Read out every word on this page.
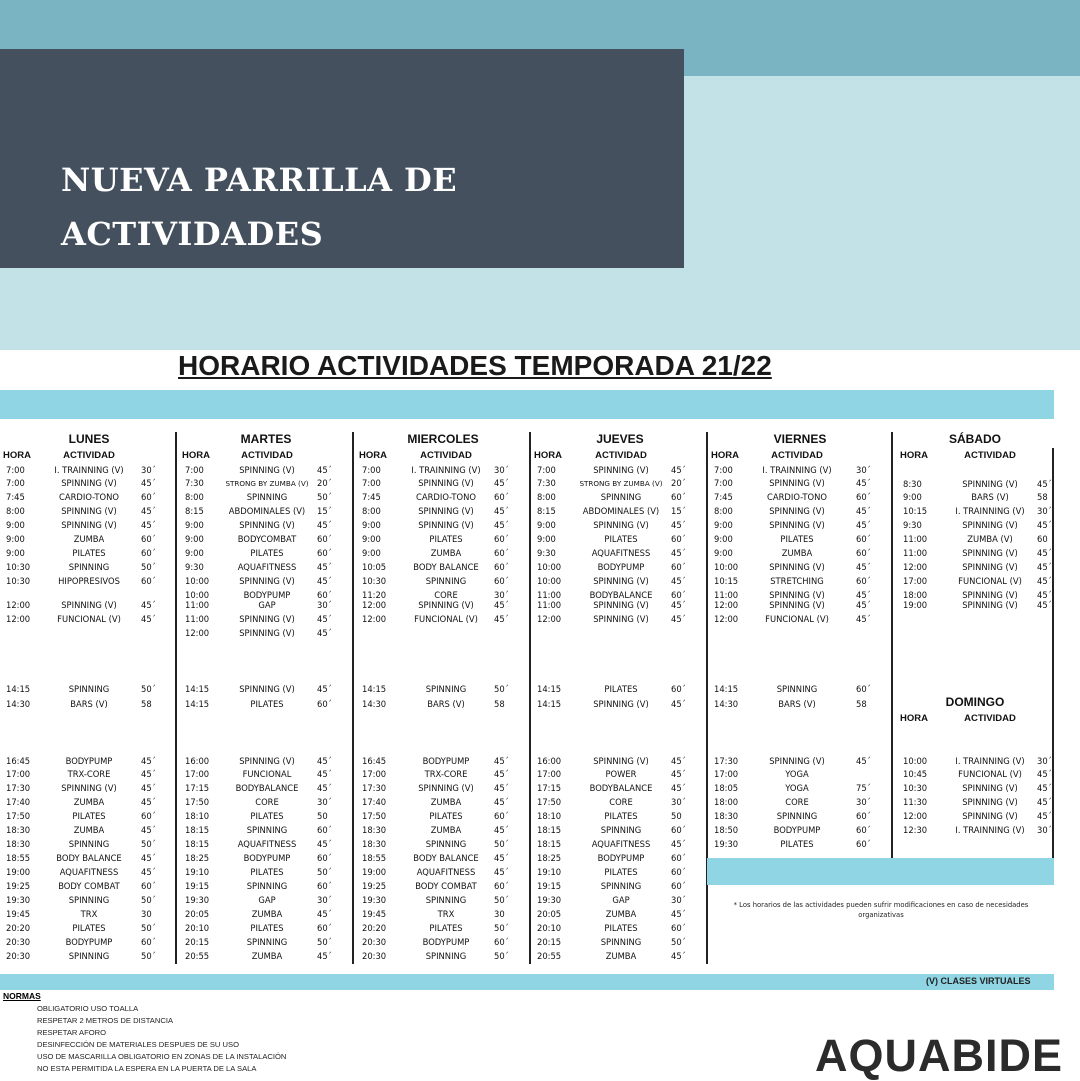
NUEVA PARRILLA DE
ACTIVIDADES
HORARIO ACTIVIDADES TEMPORADA 21/22
LUNES
HORA	ACTIVIDAD
7:00	I. TRAINNING (V)	30´
7:00	SPINNING (V)	45´
7:45	CARDIO-TONO	60´
8:00	SPINNING (V)	45´
9:00	SPINNING (V)	45´
9:00	ZUMBA	60´
9:00	PILATES	60´
10:30	SPINNING	50´
10:30	HIPOPRESIVOS	60´
12:00	SPINNING (V)	45´
12:00	FUNCIONAL (V)	45´
14:15	SPINNING	50´
14:30	BARS (V)	58
16:45	BODYPUMP	45´
17:00	TRX-CORE	45´
17:30	SPINNING (V)	45´
17:40	ZUMBA	45´
17:50	PILATES	60´
18:30	ZUMBA	45´
18:30	SPINNING	50´
18:55	BODY BALANCE	45´
19:00	AQUAFITNESS	45´
19:25	BODY COMBAT	60´
19:30	SPINNING	50´
19:45	TRX	30
20:20	PILATES	50´
20:30	BODYPUMP	60´
20:30	SPINNING	50´
MARTES
HORA	ACTIVIDAD
7:00	SPINNING (V)	45´
7:30	STRONG BY ZUMBA (V)	20´
8:00	SPINNING	50´
8:15	ABDOMINALES (V)	15´
9:00	SPINNING (V)	45´
9:00	BODYCOMBAT	60´
9:00	PILATES	60´
9:30	AQUAFITNESS	45´
10:00	SPINNING (V)	45´
10:00	BODYPUMP	60´
11:00	GAP	30´
11:00	SPINNING (V)	45´
12:00	SPINNING (V)	45´
14:15	SPINNING (V)	45´
14:15	PILATES	60´
16:00	SPINNING (V)	45´
17:00	FUNCIONAL	45´
17:15	BODYBALANCE	45´
17:50	CORE	30´
18:10	PILATES	50
18:15	SPINNING	60´
18:15	AQUAFITNESS	45´
18:25	BODYPUMP	60´
19:10	PILATES	50´
19:15	SPINNING	60´
19:30	GAP	30´
20:05	ZUMBA	45´
20:10	PILATES	60´
20:15	SPINNING	50´
20:55	ZUMBA	45´
MIERCOLES
HORA	ACTIVIDAD
7:00	I. TRAINNING (V)	30´
7:00	SPINNING (V)	45´
7:45	CARDIO-TONO	60´
8:00	SPINNING (V)	45´
9:00	SPINNING (V)	45´
9:00	PILATES	60´
9:00	ZUMBA	60´
10:05	BODY BALANCE	60´
10:30	SPINNING	60´
11:20	CORE	30´
12:00	SPINNING (V)	45´
12:00	FUNCIONAL (V)	45´
14:15	SPINNING	50´
14:30	BARS (V)	58
16:45	BODYPUMP	45´
17:00	TRX-CORE	45´
17:30	SPINNING (V)	45´
17:40	ZUMBA	45´
17:50	PILATES	60´
18:30	ZUMBA	45´
18:30	SPINNING	50´
18:55	BODY BALANCE	45´
19:00	AQUAFITNESS	45´
19:25	BODY COMBAT	60´
19:30	SPINNING	50´
19:45	TRX	30
20:20	PILATES	50´
20:30	BODYPUMP	60´
20:30	SPINNING	50´
JUEVES
HORA	ACTIVIDAD
7:00	SPINNING (V)	45´
7:30	STRONG BY ZUMBA (V)	20´
8:00	SPINNING	60´
8:15	ABDOMINALES (V)	15´
9:00	SPINNING (V)	45´
9:00	PILATES	60´
9:30	AQUAFITNESS	45´
10:00	BODYPUMP	60´
10:00	SPINNING (V)	45´
11:00	BODYBALANCE	60´
11:00	SPINNING (V)	45´
12:00	SPINNING (V)	45´
14:15	PILATES	60´
14:15	SPINNING (V)	45´
16:00	SPINNING (V)	45´
17:00	POWER	45´
17:15	BODYBALANCE	45´
17:50	CORE	30´
18:10	PILATES	50
18:15	SPINNING	60´
18:15	AQUAFITNESS	45´
18:25	BODYPUMP	60´
19:10	PILATES	60´
19:15	SPINNING	60´
19:30	GAP	30´
20:05	ZUMBA	45´
20:10	PILATES	60´
20:15	SPINNING	50´
20:55	ZUMBA	45´
VIERNES
HORA	ACTIVIDAD
7:00	I. TRAINNING (V)	30´
7:00	SPINNING (V)	45´
7:45	CARDIO-TONO	60´
8:00	SPINNING (V)	45´
9:00	SPINNING (V)	45´
9:00	PILATES	60´
9:00	ZUMBA	60´
10:00	SPINNING (V)	45´
10:15	STRETCHING	60´
11:00	SPINNING (V)	45´
12:00	SPINNING (V)	45´
12:00	FUNCIONAL (V)	45´
14:15	SPINNING	60´
14:30	BARS (V)	58
17:30	SPINNING (V)	45´
17:00	YOGA
18:05	YOGA	75´
18:00	CORE	30´
18:30	SPINNING	60´
18:50	BODYPUMP	60´
19:30	PILATES	60´
SÁBADO
HORA	ACTIVIDAD
8:30	SPINNING (V)	45´
9:00	BARS (V)	58
10:15	I. TRAINNING (V)	30´
9:30	SPINNING (V)	45´
11:00	ZUMBA (V)	60
11:00	SPINNING (V)	45´
12:00	SPINNING (V)	45´
17:00	FUNCIONAL (V)	45´
18:00	SPINNING (V)	45´
19:00	SPINNING (V)	45´
DOMINGO
HORA	ACTIVIDAD
10:00	I. TRAINNING (V)	30´
10:45	FUNCIONAL (V)	45´
10:30	SPINNING (V)	45´
11:30	SPINNING (V)	45´
12:00	SPINNING (V)	45´
12:30	I. TRAINNING (V)	30´
* Los horarios de las actividades pueden sufrir modificaciones en caso de necesidades organizativas
(V) CLASES VIRTUALES
NORMAS
OBLIGATORIO USO TOALLA
RESPETAR 2 METROS DE DISTANCIA
RESPETAR AFORO
DESINFECCIÓN DE MATERIALES DESPUES DE SU USO
USO DE MASCARILLA OBLIGATORIO EN ZONAS DE LA INSTALACIÓN
NO ESTA PERMITIDA LA ESPERA EN LA PUERTA DE LA SALA	AQUABIDE
